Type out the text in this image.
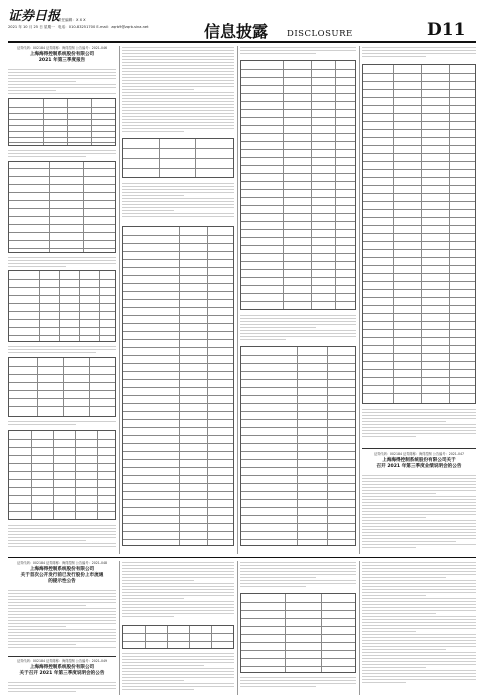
证券日报
2021 年 10 月 25 日 星期一
责任编辑：X X X
电话：010-83251700 E-mail：zqrb9@zqrb.sina.net	信息披露 DISCLOSURE	D11
证券代码：002184 证券简称：海得控制 公告编号：2021-046
上海海得控制系统股份有限公司
2021 年第三季度报告
证券代码：002184 证券简称：海得控制 公告编号：2021-047
上海海得控制系统股份有限公司关于
召开 2021 年第三季度业绩说明会的公告
证券代码：002184 证券简称：海得控制 公告编号：2021-048
上海海得控制系统股份有限公司
关于首次公开发行前已发行股份上市流通
的提示性公告
证券代码：002184 证券简称：海得控制 公告编号：2021-049
上海海得控制系统股份有限公司
关于召开 2021 年第三季度说明会的公告
